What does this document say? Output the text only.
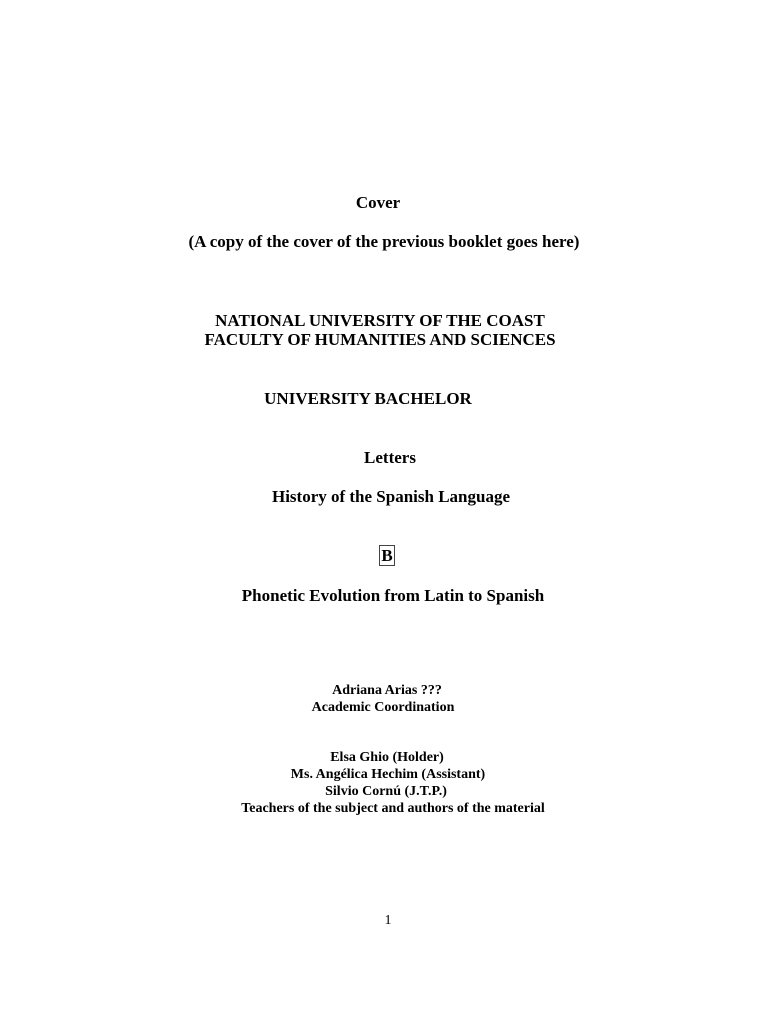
Cover
(A copy of the cover of the previous booklet goes here)
NATIONAL UNIVERSITY OF THE COAST
FACULTY OF HUMANITIES AND SCIENCES
UNIVERSITY BACHELOR
Letters
History of the Spanish Language
B
Phonetic Evolution from Latin to Spanish
Adriana Arias ???
Academic Coordination
Elsa Ghio (Holder)
Ms. Angélica Hechim (Assistant)
Silvio Cornú (J.T.P.)
Teachers of the subject and authors of the material
1
